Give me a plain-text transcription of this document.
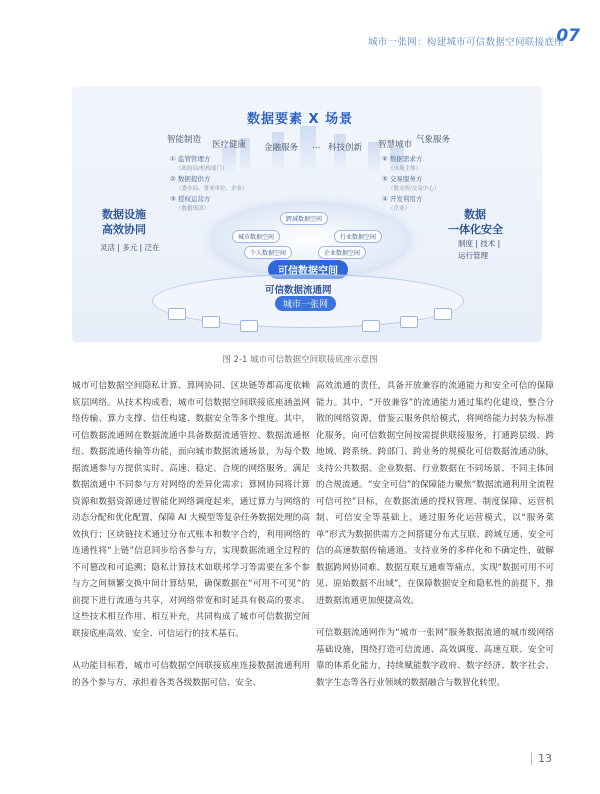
城市一张网：构建城市可信数据空间联接底座
07
数据要素 X 场景
智能制造 医疗健康 金融服务 … 科技创新 智慧城市 气象服务
① 监管管理方
（政府局/机构部门）
② 数据提供方
（委办局、事业单位、企业）
③ 授权运营方
（数据集团）
⑥ 数据需求方
（市场主体）
⑤ 交易服务方
（数交所/交易中心）
④ 开发利用方
（企业）
数据设施
高效协同
灵活 | 多元 | 泛在
数据
一体化安全
制度 | 技术 |
运行管理
跨域数据空间
城市数据空间	行业数据空间
个人数据空间	企业数据空间
可信数据空间
可信数据流通网
城市一张网
图 2-1 城市可信数据空间联接底座示意图

城市可信数据空间隐私计算、算网协同、区块链等都高度依赖底层网络。从技术构成看，城市可信数据空间联接底座涵盖网络传输、算力支撑、信任构建、数据安全等多个维度。其中，可信数据流通网在数据流通中具备数据流通管控、数据流通枢纽、数据流通传输等功能，面向城市数据流通场景，为每个数据流通参与方提供实时、高速、稳定、合规的网络服务。满足数据流通中不同参与方对网络的差异化需求；算网协同将计算资源和数据资源通过智能化网络调度起来，通过算力与网络的动态分配和优化配置，保障 AI 大模型等复杂任务数据处理的高效执行；区块链技术通过分布式账本和数字合约，利用网络的连通性将“上链”信息同步给各参与方，实现数据流通全过程的不可篡改和可追溯；隐私计算技术如联邦学习等需要在多个参与方之间频繁交换中间计算结果，确保数据在“可用不可见”的前提下进行流通与共享，对网络带宽和时延具有极高的要求。这些技术相互作用、相互补充，共同构成了城市可信数据空间联接底座高效、安全、可信运行的技术基石。

从功能目标看，城市可信数据空间联接底座连接数据流通利用的各个参与方，承担着各类各级数据可信、安全、

高效流通的责任，具备开放兼容的流通能力和安全可信的保障能力。其中，“开放兼容”的流通能力通过集约化建设，整合分散的网络资源，借鉴云服务供给模式，将网络能力封装为标准化服务，向可信数据空间按需提供联接服务，打通跨层级、跨地域、跨系统、跨部门、跨业务的规模化可信数据流通动脉，支持公共数据、企业数据、行业数据在不同场景、不同主体间的合规流通。“安全可信”的保障能力聚焦“数据流通利用全流程可信可控”目标，在数据流通的授权管理、制度保障、运营机制、可信安全等基础上，通过服务化运营模式，以“服务菜单”形式为数据供需方之间搭建分布式互联、跨域互通、安全可信的高速数据传输通道。支持业务的多样化和不确定性，破解数据跨网协同难、数据互联互通难等痛点，实现“数据可用不可见、原始数据不出域”，在保障数据安全和隐私性的前提下，推进数据流通更加便捷高效。

可信数据流通网作为“城市一张网”服务数据流通的城市级网络基础设施，围绕打造可信流通、高效调度、高速互联、安全可靠的体系化能力，持续赋能数字政府、数字经济、数字社会、数字生态等各行业领域的数据融合与数智化转型。

13
